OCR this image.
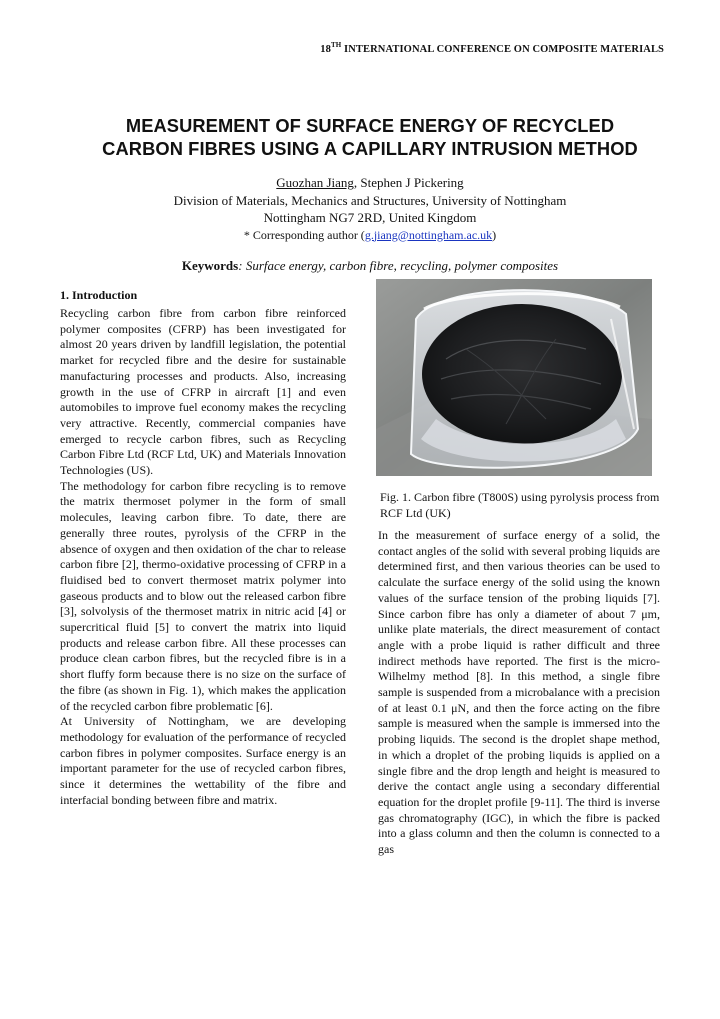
18TH INTERNATIONAL CONFERENCE ON COMPOSITE MATERIALS
MEASUREMENT OF SURFACE ENERGY OF RECYCLED
CARBON FIBRES USING A CAPILLARY INTRUSION METHOD
Guozhan Jiang, Stephen J Pickering
Division of Materials, Mechanics and Structures, University of Nottingham
Nottingham NG7 2RD, United Kingdom
* Corresponding author (g.jiang@nottingham.ac.uk)
Keywords: Surface energy, carbon fibre, recycling, polymer composites
1. Introduction

Recycling carbon fibre from carbon fibre reinforced polymer composites (CFRP) has been investigated for almost 20 years driven by landfill legislation, the potential market for recycled fibre and the desire for sustainable manufacturing processes and products. Also, increasing growth in the use of CFRP in aircraft [1] and even automobiles to improve fuel economy makes the recycling very attractive. Recently, commercial companies have emerged to recycle carbon fibres, such as Recycling Carbon Fibre Ltd (RCF Ltd, UK) and Materials Innovation Technologies (US).

The methodology for carbon fibre recycling is to remove the matrix thermoset polymer in the form of small molecules, leaving carbon fibre. To date, there are generally three routes, pyrolysis of the CFRP in the absence of oxygen and then oxidation of the char to release carbon fibre [2], thermo-oxidative processing of CFRP in a fluidised bed to convert thermoset matrix polymer into gaseous products and to blow out the released carbon fibre [3], solvolysis of the thermoset matrix in nitric acid [4] or supercritical fluid [5] to convert the matrix into liquid products and release carbon fibre. All these processes can produce clean carbon fibres, but the recycled fibre is in a short fluffy form because there is no size on the surface of the fibre (as shown in Fig. 1), which makes the application of the recycled carbon fibre problematic [6].

At University of Nottingham, we are developing methodology for evaluation of the performance of recycled carbon fibres in polymer composites. Surface energy is an important parameter for the use of recycled carbon fibres, since it determines the wettability of the fibre and interfacial bonding between fibre and matrix.

Fig. 1. Carbon fibre (T800S) using pyrolysis process from RCF Ltd (UK)

In the measurement of surface energy of a solid, the contact angles of the solid with several probing liquids are determined first, and then various theories can be used to calculate the surface energy of the solid using the known values of the surface tension of the probing liquids [7]. Since carbon fibre has only a diameter of about 7 μm, unlike plate materials, the direct measurement of contact angle with a probe liquid is rather difficult and three indirect methods have reported. The first is the micro-Wilhelmy method [8]. In this method, a single fibre sample is suspended from a microbalance with a precision of at least 0.1 μN, and then the force acting on the fibre sample is measured when the sample is immersed into the probing liquids. The second is the droplet shape method, in which a droplet of the probing liquids is applied on a single fibre and the drop length and height is measured to derive the contact angle using a secondary differential equation for the droplet profile [9-11]. The third is inverse gas chromatography (IGC), in which the fibre is packed into a glass column and then the column is connected to a gas
